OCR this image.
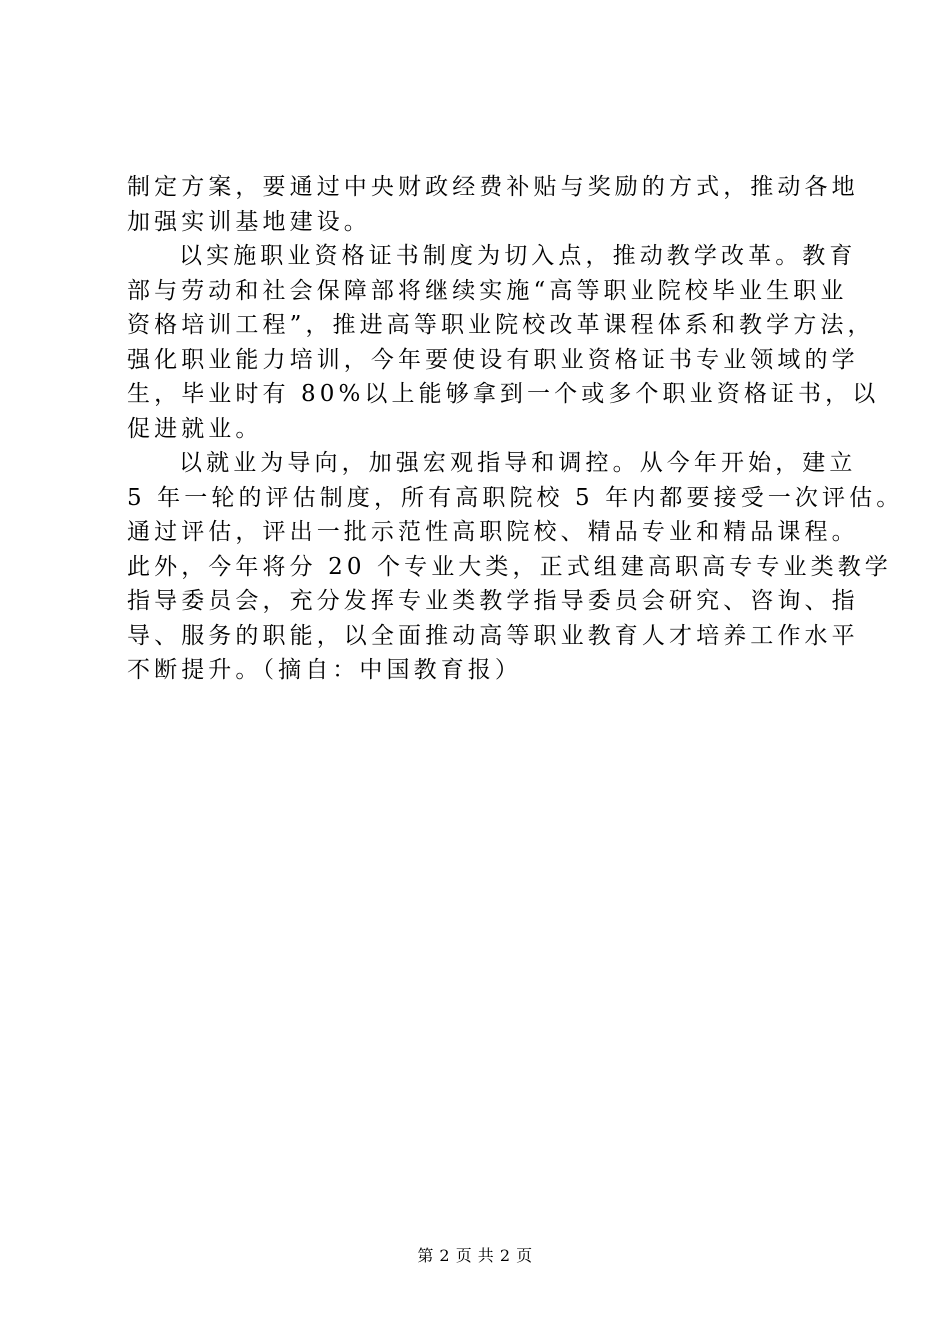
制定方案，要通过中央财政经费补贴与奖励的方式，推动各地
加强实训基地建设。
以实施职业资格证书制度为切入点，推动教学改革。教育
部与劳动和社会保障部将继续实施“高等职业院校毕业生职业
资格培训工程”，推进高等职业院校改革课程体系和教学方法，
强化职业能力培训，今年要使设有职业资格证书专业领域的学
生，毕业时有 80%以上能够拿到一个或多个职业资格证书，以
促进就业。
以就业为导向，加强宏观指导和调控。从今年开始，建立
5 年一轮的评估制度，所有高职院校 5 年内都要接受一次评估。
通过评估，评出一批示范性高职院校、精品专业和精品课程。
此外，今年将分 20 个专业大类，正式组建高职高专专业类教学
指导委员会，充分发挥专业类教学指导委员会研究、咨询、指
导、服务的职能，以全面推动高等职业教育人才培养工作水平
不断提升。（摘自：中国教育报）
第 2 页 共 2 页
